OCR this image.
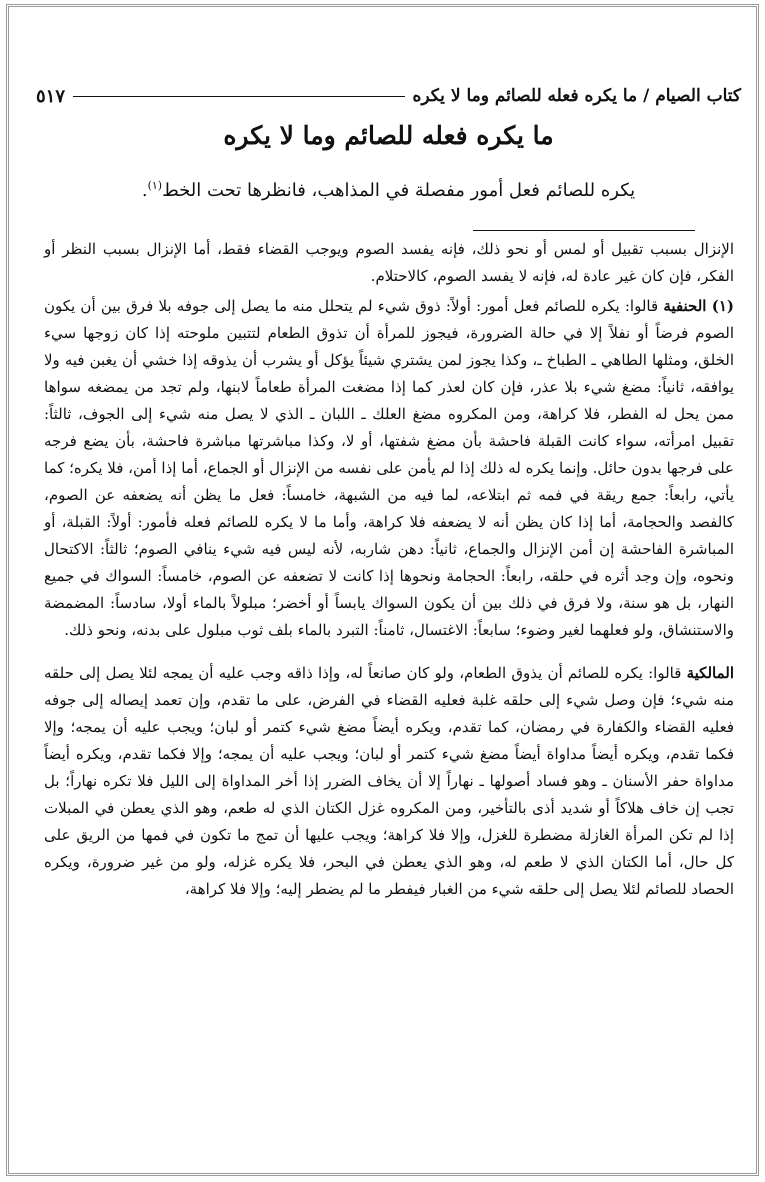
كتاب الصيام / ما يكره فعله للصائم وما لا يكره
٥١٧
ما يكره فعله للصائم وما لا يكره
يكره للصائم فعل أمور مفصلة في المذاهب، فانظرها تحت الخط$^{(١)}$.

الإنزال بسبب تقبيل أو لمس أو نحو ذلك، فإنه يفسد الصوم ويوجب القضاء فقط، أما الإنزال بسبب النظر أو الفكر، فإن كان غير عادة له، فإنه لا يفسد الصوم، كالاحتلام.

(١) الحنفية قالوا: يكره للصائم فعل أمور: أولاً: ذوق شيء لم يتحلل منه ما يصل إلى جوفه بلا فرق بين أن يكون الصوم فرضاً أو نفلاً إلا في حالة الضرورة، فيجوز للمرأة أن تذوق الطعام لتتبين ملوحته إذا كان زوجها سيء الخلق، ومثلها الطاهي ـ الطباخ ـ، وكذا يجوز لمن يشتري شيئاً يؤكل أو يشرب أن يذوقه إذا خشي أن يغبن فيه ولا يوافقه، ثانياً: مضغ شيء بلا عذر، فإن كان لعذر كما إذا مضغت المرأة طعاماً لابنها، ولم تجد من يمضغه سواها ممن يحل له الفطر، فلا كراهة، ومن المكروه مضغ العلك ـ اللبان ـ الذي لا يصل منه شيء إلى الجوف، ثالثاً: تقبيل امرأته، سواء كانت القبلة فاحشة بأن مضغ شفتها، أو لا، وكذا مباشرتها مباشرة فاحشة، بأن يضع فرجه على فرجها بدون حائل. وإنما يكره له ذلك إذا لم يأمن على نفسه من الإنزال أو الجماع، أما إذا أمن، فلا يكره؛ كما يأتي، رابعاً: جمع ريقة في فمه ثم ابتلاعه، لما فيه من الشبهة، خامساً: فعل ما يظن أنه يضعفه عن الصوم، كالفصد والحجامة، أما إذا كان يظن أنه لا يضعفه فلا كراهة، وأما ما لا يكره للصائم فعله فأمور: أولاً: القبلة، أو المباشرة الفاحشة إن أمن الإنزال والجماع، ثانياً: دهن شاربه، لأنه ليس فيه شيء ينافي الصوم؛ ثالثاً: الاكتحال ونحوه، وإن وجد أثره في حلقه، رابعاً: الحجامة ونحوها إذا كانت لا تضعفه عن الصوم، خامساً: السواك في جميع النهار، بل هو سنة، ولا فرق في ذلك بين أن يكون السواك يابساً أو أخضر؛ مبلولاً بالماء أولا، سادساً: المضمضة والاستنشاق، ولو فعلهما لغير وضوء؛ سابعاً: الاغتسال، ثامناً: التبرد بالماء بلف ثوب مبلول على بدنه، ونحو ذلك.

المالكية قالوا: يكره للصائم أن يذوق الطعام، ولو كان صانعاً له، وإذا ذاقه وجب عليه أن يمجه لئلا يصل إلى حلقه منه شيء؛ فإن وصل شيء إلى حلقه غلبة فعليه القضاء في الفرض، على ما تقدم، وإن تعمد إيصاله إلى جوفه فعليه القضاء والكفارة في رمضان، كما تقدم، ويكره أيضاً مضغ شيء كتمر أو لبان؛ ويجب عليه أن يمجه؛ وإلا فكما تقدم، ويكره أيضاً مداواة أيضاً مضغ شيء كتمر أو لبان؛ ويجب عليه أن يمجه؛ وإلا فكما تقدم، ويكره أيضاً مداواة حفر الأسنان ـ وهو فساد أصولها ـ نهاراً إلا أن يخاف الضرر إذا أخر المداواة إلى الليل فلا تكره نهاراً؛ بل تجب إن خاف هلاكاً أو شديد أذى بالتأخير، ومن المكروه غزل الكتان الذي له طعم، وهو الذي يعطن في المبلات إذا لم تكن المرأة الغازلة مضطرة للغزل، وإلا فلا كراهة؛ ويجب عليها أن تمج ما تكون في فمها من الريق على كل حال، أما الكتان الذي لا طعم له، وهو الذي يعطن في البحر، فلا يكره غزله، ولو من غير ضرورة، ويكره الحصاد للصائم لئلا يصل إلى حلقه شيء من الغبار فيفطر ما لم يضطر إليه؛ وإلا فلا كراهة،
